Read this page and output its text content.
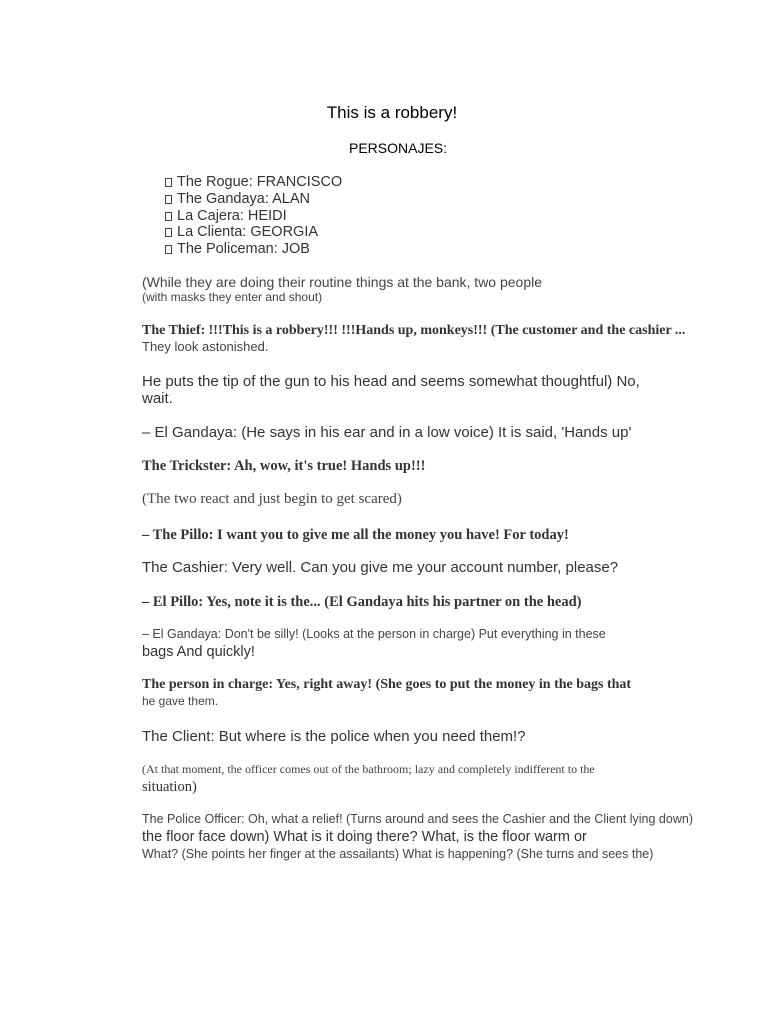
This is a robbery!
PERSONAJES:
The Rogue: FRANCISCO
The Gandaya: ALAN
La Cajera: HEIDI
La Clienta: GEORGIA
The Policeman: JOB

(While they are doing their routine things at the bank, two people

(with masks they enter and shout)

The Thief: !!!This is a robbery!!! !!!Hands up, monkeys!!! (The customer and the cashier ...

They look astonished.

He puts the tip of the gun to his head and seems somewhat thoughtful) No,

wait.

– El Gandaya: (He says in his ear and in a low voice) It is said, 'Hands up'

The Trickster: Ah, wow, it's true! Hands up!!!

(The two react and just begin to get scared)

– The Pillo: I want you to give me all the money you have! For today!

The Cashier: Very well. Can you give me your account number, please?

– El Pillo: Yes, note it is the... (El Gandaya hits his partner on the head)

– El Gandaya: Don't be silly! (Looks at the person in charge) Put everything in these

bags And quickly!

The person in charge: Yes, right away! (She goes to put the money in the bags that

he gave them.

The Client: But where is the police when you need them!?

(At that moment, the officer comes out of the bathroom; lazy and completely indifferent to the

situation)

The Police Officer: Oh, what a relief! (Turns around and sees the Cashier and the Client lying down)

the floor face down) What is it doing there? What, is the floor warm or

What? (She points her finger at the assailants) What is happening? (She turns and sees the)
